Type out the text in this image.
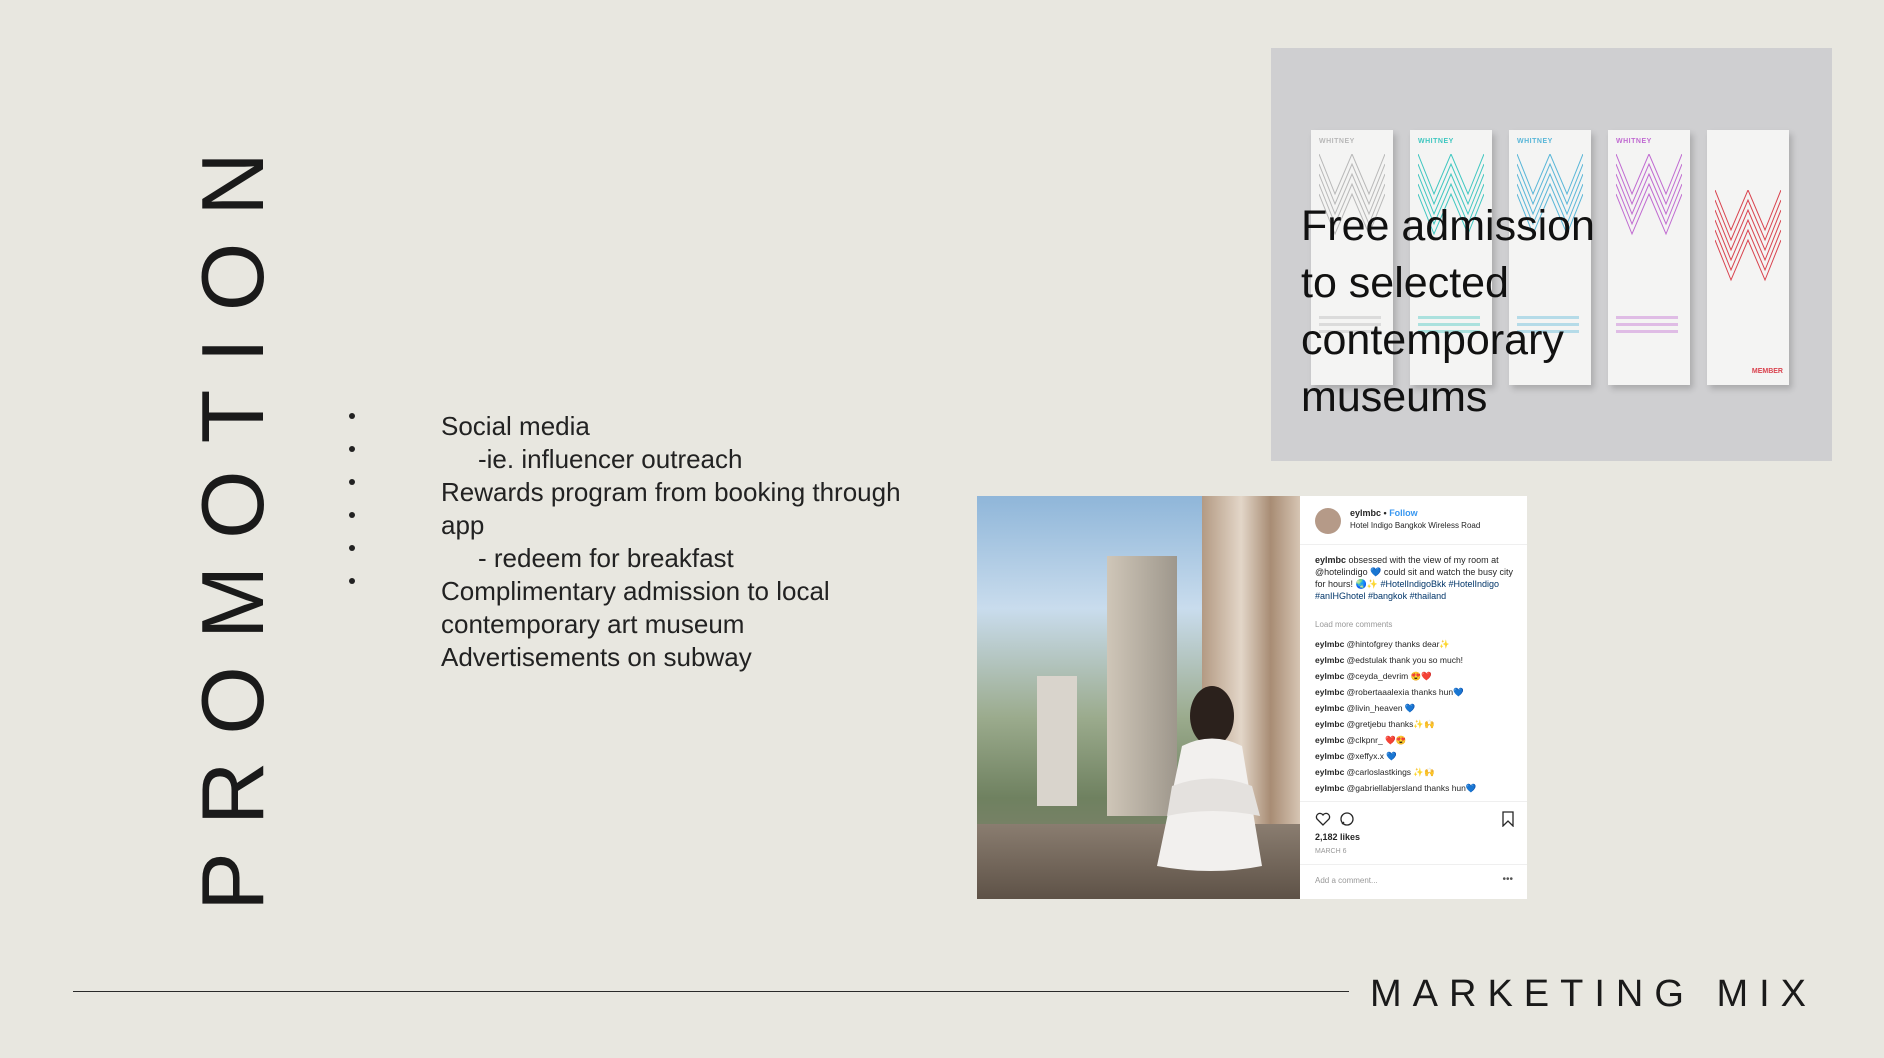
PROMOTION	Social media
-ie. influencer outreach
Rewards program from booking through
app
- redeem for breakfast
Complimentary admission to local
contemporary art museum
Advertisements on subway
WHITNEY	WHITNEY	WHITNEY	WHITNEY
MEMBER
Free admission
to selected
contemporary
museums
eylmbc • Follow
Hotel Indigo Bangkok Wireless Road
eylmbc obsessed with the view of my room at @hotelindigo 💙 could sit and watch the busy city for hours! 🌏✨ #HotelIndigoBkk #HotelIndigo #anIHGhotel #bangkok #thailand
Load more comments
eylmbc @hintofgrey thanks dear✨
eylmbc @edstulak thank you so much!
eylmbc @ceyda_devrim 😍❤️
eylmbc @robertaaalexia thanks hun💙
eylmbc @livin_heaven 💙
eylmbc @gretjebu thanks✨🙌
eylmbc @clkpnr_ ❤️😍
eylmbc @xeffyx.x 💙
eylmbc @carloslastkings ✨🙌
eylmbc @gabriellabjersland thanks hun💙
2,182 likes
MARCH 6
Add a comment...	•••
MARKETING MIX
